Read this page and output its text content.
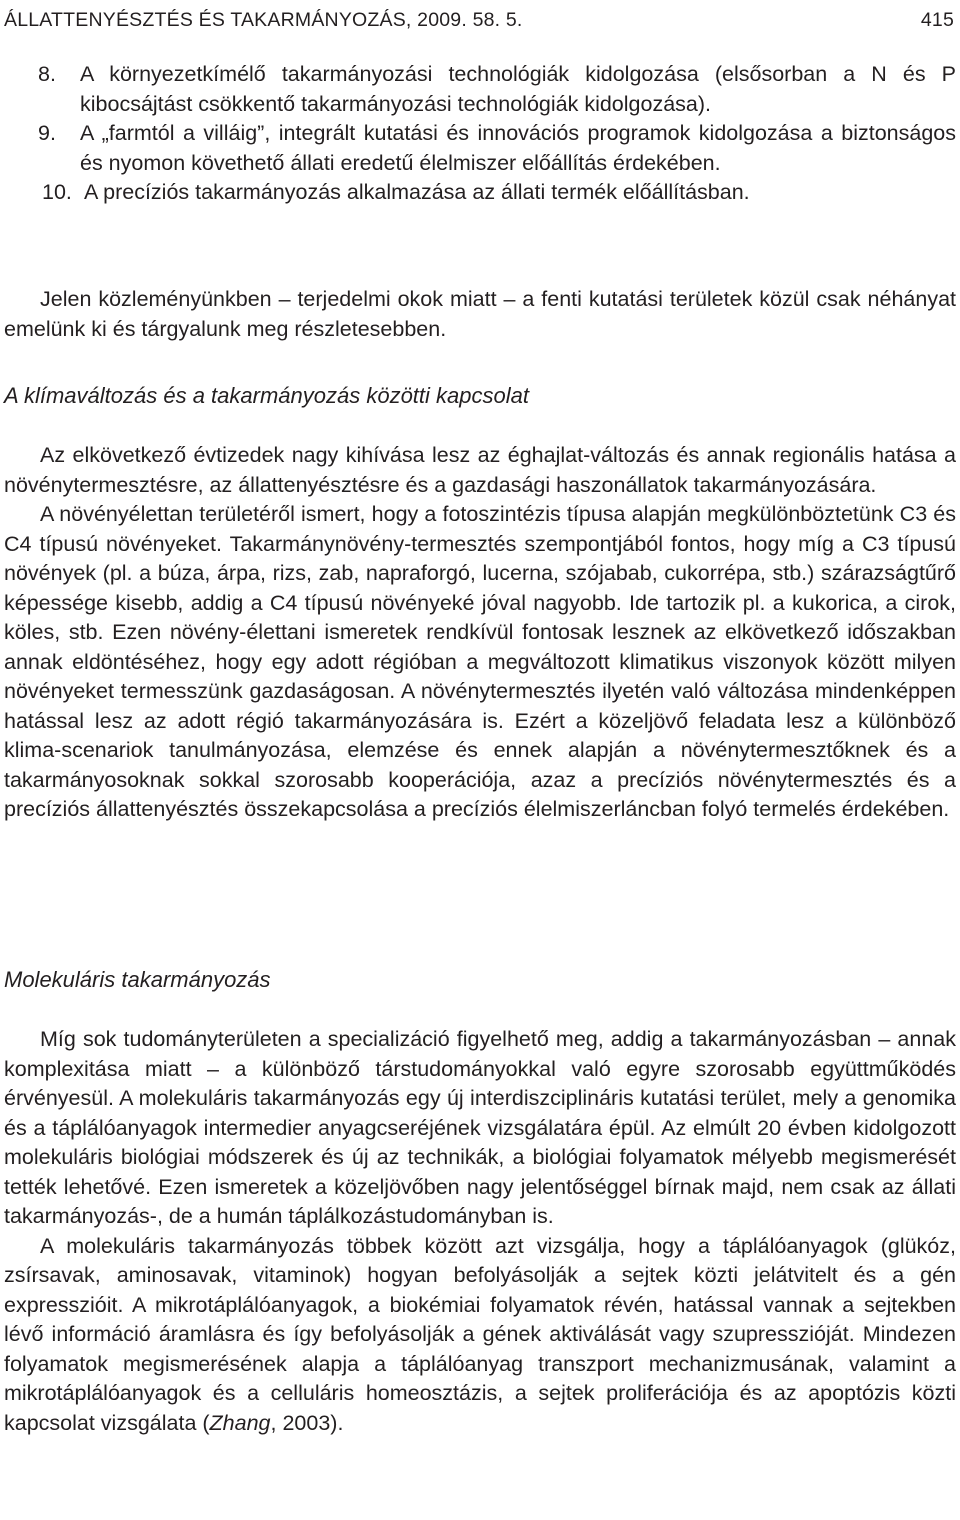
ÁLLATTENYÉSZTÉS ÉS TAKARMÁNYOZÁS, 2009. 58. 5.	415
8. A környezetkímélő takarmányozási technológiák kidolgozása (elsősorban a N és P kibocsájtást csökkentő takarmányozási technológiák kidolgozása).
9. A „farmtól a villáig”, integrált kutatási és innovációs programok kidolgozása a biztonságos és nyomon követhető állati eredetű élelmiszer előállítás érdekében.
10. A precíziós takarmányozás alkalmazása az állati termék előállításban.

Jelen közleményünkben – terjedelmi okok miatt – a fenti kutatási területek közül csak néhányat emelünk ki és tárgyalunk meg részletesebben.

A klímaváltozás és a takarmányozás közötti kapcsolat

Az elkövetkező évtizedek nagy kihívása lesz az éghajlat-változás és annak regionális hatása a növénytermesztésre, az állattenyésztésre és a gazdasági haszonállatok takarmányozására.

A növényélettan területéről ismert, hogy a fotoszintézis típusa alapján megkülönböztetünk C3 és C4 típusú növényeket. Takarmánynövény-termesztés szempontjából fontos, hogy míg a C3 típusú növények (pl. a búza, árpa, rizs, zab, napraforgó, lucerna, szójabab, cukorrépa, stb.) szárazságtűrő képessége kisebb, addig a C4 típusú növényeké jóval nagyobb. Ide tartozik pl. a kukorica, a cirok, köles, stb. Ezen növény-élettani ismeretek rendkívül fontosak lesznek az elkövetkező időszakban annak eldöntéséhez, hogy egy adott régióban a megváltozott klimatikus viszonyok között milyen növényeket termesszünk gazdaságosan. A növénytermesztés ilyetén való változása mindenképpen hatással lesz az adott régió takarmányozására is. Ezért a közeljövő feladata lesz a különböző klima-scenariok tanulmányozása, elemzése és ennek alapján a növénytermesztőknek és a takarmányosoknak sokkal szorosabb kooperációja, azaz a precíziós növénytermesztés és a precíziós állattenyésztés összekapcsolása a precíziós élelmiszerláncban folyó termelés érdekében.

Molekuláris takarmányozás

Míg sok tudományterületen a specializáció figyelhető meg, addig a takarmányozásban – annak komplexitása miatt – a különböző társtudományokkal való egyre szorosabb együttműködés érvényesül. A molekuláris takarmányozás egy új interdiszciplináris kutatási terület, mely a genomika és a táplálóanyagok intermedier anyagcseréjének vizsgálatára épül. Az elmúlt 20 évben kidolgozott molekuláris biológiai módszerek és új az technikák, a biológiai folyamatok mélyebb megismerését tették lehetővé. Ezen ismeretek a közeljövőben nagy jelentőséggel bírnak majd, nem csak az állati takarmányozás-, de a humán táplálkozástudományban is.

A molekuláris takarmányozás többek között azt vizsgálja, hogy a táplálóanyagok (glükóz, zsírsavak, aminosavak, vitaminok) hogyan befolyásolják a sejtek közti jelátvitelt és a gén expresszióit. A mikrotáplálóanyagok, a biokémiai folyamatok révén, hatással vannak a sejtekben lévő információ áramlásra és így befolyásolják a gének aktiválását vagy szupresszióját. Mindezen folyamatok megismerésének alapja a táplálóanyag transzport mechanizmusának, valamint a mikrotáplálóanyagok és a celluláris homeosztázis, a sejtek proliferációja és az apoptózis közti kapcsolat vizsgálata (Zhang, 2003).
